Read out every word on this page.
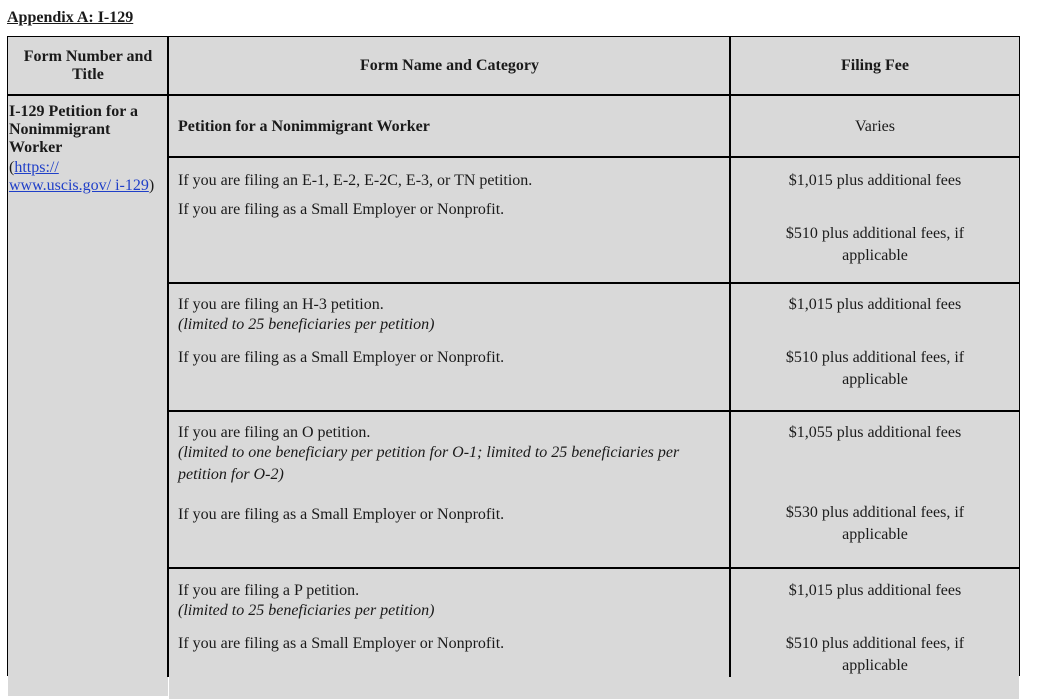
Appendix A: I-129
Form Number and Title
Form Name and Category	Filing Fee
I-129 Petition for a Nonimmigrant Worker
(https:// www.uscis.gov/ i-129)
Petition for a Nonimmigrant Worker	Varies
If you are filing an E-1, E-2, E-2C, E-3, or TN petition.
If you are filing as a Small Employer or Nonprofit.
$1,015 plus additional fees
$510 plus additional fees, if applicable
If you are filing an H-3 petition.
(limited to 25 beneficiaries per petition)
If you are filing as a Small Employer or Nonprofit.
$1,015 plus additional fees
$510 plus additional fees, if applicable
If you are filing an O petition.
(limited to one beneficiary per petition for O-1; limited to 25 beneficiaries per petition for O-2)
If you are filing as a Small Employer or Nonprofit.
$1,055 plus additional fees
$530 plus additional fees, if applicable
If you are filing a P petition.
(limited to 25 beneficiaries per petition)
If you are filing as a Small Employer or Nonprofit.
$1,015 plus additional fees
$510 plus additional fees, if applicable
